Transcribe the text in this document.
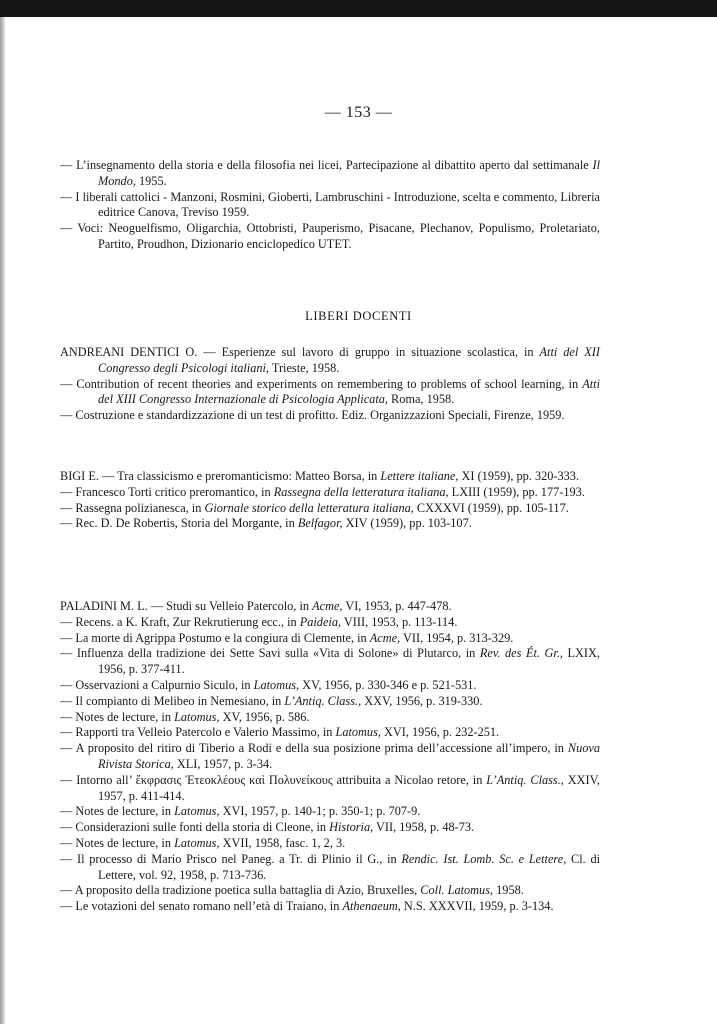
— 153 —

— L’insegnamento della storia e della filosofia nei licei, Partecipazione al dibattito aperto dal settimanale Il Mondo, 1955.

— I liberali cattolici - Manzoni, Rosmini, Gioberti, Lambruschini - Introduzione, scelta e commento, Libreria editrice Canova, Treviso 1959.

— Voci: Neoguelfismo, Oligarchia, Ottobristi, Pauperismo, Pisacane, Plechanov, Populismo, Proletariato, Partito, Proudhon, Dizionario enciclopedico UTET.

LIBERI DOCENTI

ANDREANI DENTICI O. — Esperienze sul lavoro di gruppo in situazione scolastica, in Atti del XII Congresso degli Psicologi italiani, Trieste, 1958.

— Contribution of recent theories and experiments on remembering to problems of school learning, in Atti del XIII Congresso Internazionale di Psicologia Applicata, Roma, 1958.

— Costruzione e standardizzazione di un test di profitto. Ediz. Organizzazioni Speciali, Firenze, 1959.

BIGI E. — Tra classicismo e preromanticismo: Matteo Borsa, in Lettere italiane, XI (1959), pp. 320-333.

— Francesco Torti critico preromantico, in Rassegna della letteratura italiana, LXIII (1959), pp. 177-193.

— Rassegna polizianesca, in Giornale storico della letteratura italiana, CXXXVI (1959), pp. 105-117.

— Rec. D. De Robertis, Storia del Morgante, in Belfagor, XIV (1959), pp. 103-107.

PALADINI M. L. — Studi su Velleio Patercolo, in Acme, VI, 1953, p. 447-478.

— Recens. a K. Kraft, Zur Rekrutierung ecc., in Paideia, VIII, 1953, p. 113-114.

— La morte di Agrippa Postumo e la congiura di Clemente, in Acme, VII, 1954, p. 313-329.

— Influenza della tradizione dei Sette Savi sulla «Vita di Solone» di Plutarco, in Rev. des Ét. Gr., LXIX, 1956, p. 377-411.

— Osservazioni a Calpurnio Siculo, in Latomus, XV, 1956, p. 330-346 e p. 521-531.

— Il compianto di Melibeo in Nemesiano, in L’Antiq. Class., XXV, 1956, p. 319-330.

— Notes de lecture, in Latomus, XV, 1956, p. 586.

— Rapporti tra Velleio Patercolo e Valerio Massimo, in Latomus, XVI, 1956, p. 232-251.

— A proposito del ritiro di Tiberio a Rodi e della sua posizione prima dell’accessione all’impero, in Nuova Rivista Storica, XLI, 1957, p. 3-34.

— Intorno all’ ἔκφρασις Ἐτεοκλέους καὶ Πολυνείκους attribuita a Nicolao retore, in L’Antiq. Class., XXIV, 1957, p. 411-414.

— Notes de lecture, in Latomus, XVI, 1957, p. 140-1; p. 350-1; p. 707-9.

— Considerazioni sulle fonti della storia di Cleone, in Historia, VII, 1958, p. 48-73.

— Notes de lecture, in Latomus, XVII, 1958, fasc. 1, 2, 3.

— Il processo di Mario Prisco nel Paneg. a Tr. di Plinio il G., in Rendic. Ist. Lomb. Sc. e Lettere, Cl. di Lettere, vol. 92, 1958, p. 713-736.

— A proposito della tradizione poetica sulla battaglia di Azio, Bruxelles, Coll. Latomus, 1958.

— Le votazioni del senato romano nell’età di Traiano, in Athenaeum, N.S. XXXVII, 1959, p. 3-134.
